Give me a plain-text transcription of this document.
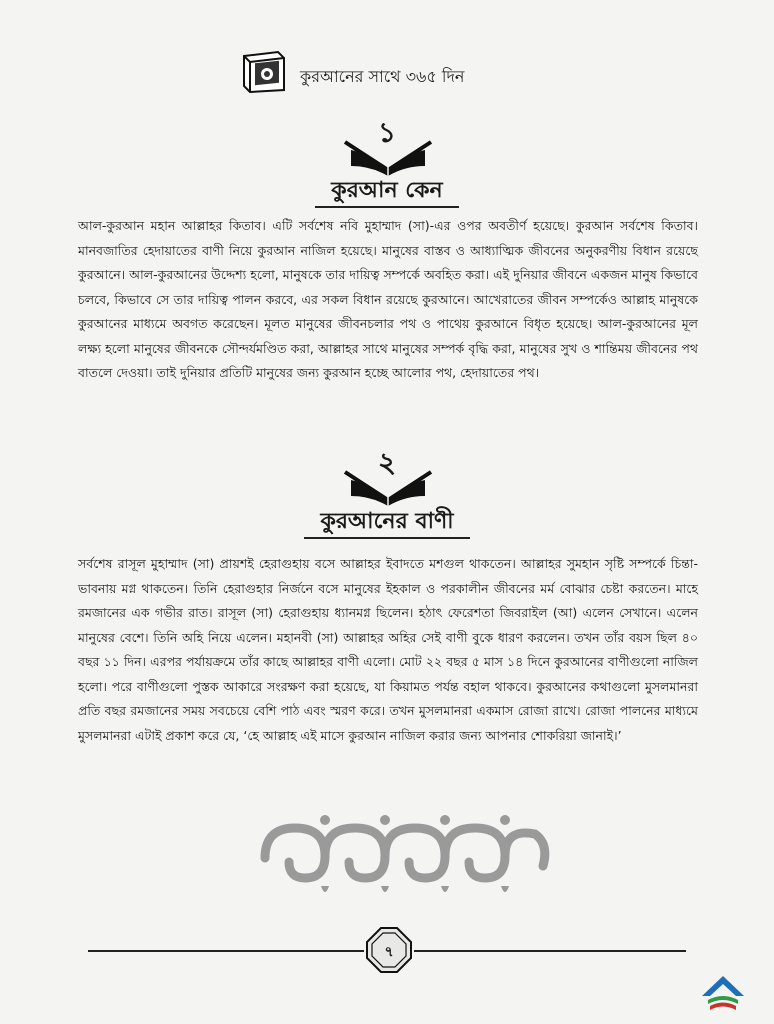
কুরআনের সাথে ৩৬৫ দিন
১
কুরআন কেন

আল-কুরআন মহান আল্লাহর কিতাব। এটি সর্বশেষ নবি মুহাম্মাদ (সা)-এর ওপর অবতীর্ণ হয়েছে। কুরআন সর্বশেষ কিতাব। মানবজাতির হেদায়াতের বাণী নিয়ে কুরআন নাজিল হয়েছে। মানুষের বাস্তব ও আধ্যাত্মিক জীবনের অনুকরণীয় বিধান রয়েছে কুরআনে। আল-কুরআনের উদ্দেশ্য হলো, মানুষকে তার দায়িত্ব সম্পর্কে অবহিত করা। এই দুনিয়ার জীবনে একজন মানুষ কিভাবে চলবে, কিভাবে সে তার দায়িত্ব পালন করবে, এর সকল বিধান রয়েছে কুরআনে। আখেরাতের জীবন সম্পর্কেও আল্লাহ মানুষকে কুরআনের মাধ্যমে অবগত করেছেন। মূলত মানুষের জীবনচলার পথ ও পাথেয় কুরআনে বিধৃত হয়েছে। আল-কুরআনের মূল লক্ষ্য হলো মানুষের জীবনকে সৌন্দর্যমণ্ডিত করা, আল্লাহর সাথে মানুষের সম্পর্ক বৃদ্ধি করা, মানুষের সুখ ও শান্তিময় জীবনের পথ বাতলে দেওয়া। তাই দুনিয়ার প্রতিটি মানুষের জন্য কুরআন হচ্ছে আলোর পথ, হেদায়াতের পথ।

২
কুরআনের বাণী

সর্বশেষ রাসূল মুহাম্মাদ (সা) প্রায়শই হেরাগুহায় বসে আল্লাহর ইবাদতে মশগুল থাকতেন। আল্লাহর সুমহান সৃষ্টি সম্পর্কে চিন্তা-ভাবনায় মগ্ন থাকতেন। তিনি হেরাগুহার নির্জনে বসে মানুষের ইহকাল ও পরকালীন জীবনের মর্ম বোঝার চেষ্টা করতেন। মাহে রমজানের এক গভীর রাত। রাসূল (সা) হেরাগুহায় ধ্যানমগ্ন ছিলেন। হঠাৎ ফেরেশতা জিবরাইল (আ) এলেন সেখানে। এলেন মানুষের বেশে। তিনি অহি নিয়ে এলেন। মহানবী (সা) আল্লাহর অহির সেই বাণী বুকে ধারণ করলেন। তখন তাঁর বয়স ছিল ৪০ বছর ১১ দিন। এরপর পর্যায়ক্রমে তাঁর কাছে আল্লাহর বাণী এলো। মোট ২২ বছর ৫ মাস ১৪ দিনে কুরআনের বাণীগুলো নাজিল হলো। পরে বাণীগুলো পুস্তক আকারে সংরক্ষণ করা হয়েছে, যা কিয়ামত পর্যন্ত বহাল থাকবে। কুরআনের কথাগুলো মুসলমানরা প্রতি বছর রমজানের সময় সবচেয়ে বেশি পাঠ এবং স্মরণ করে। তখন মুসলমানরা একমাস রোজা রাখে। রোজা পালনের মাধ্যমে মুসলমানরা এটাই প্রকাশ করে যে, ‘হে আল্লাহ এই মাসে কুরআন নাজিল করার জন্য আপনার শোকরিয়া জানাই।’

৭
